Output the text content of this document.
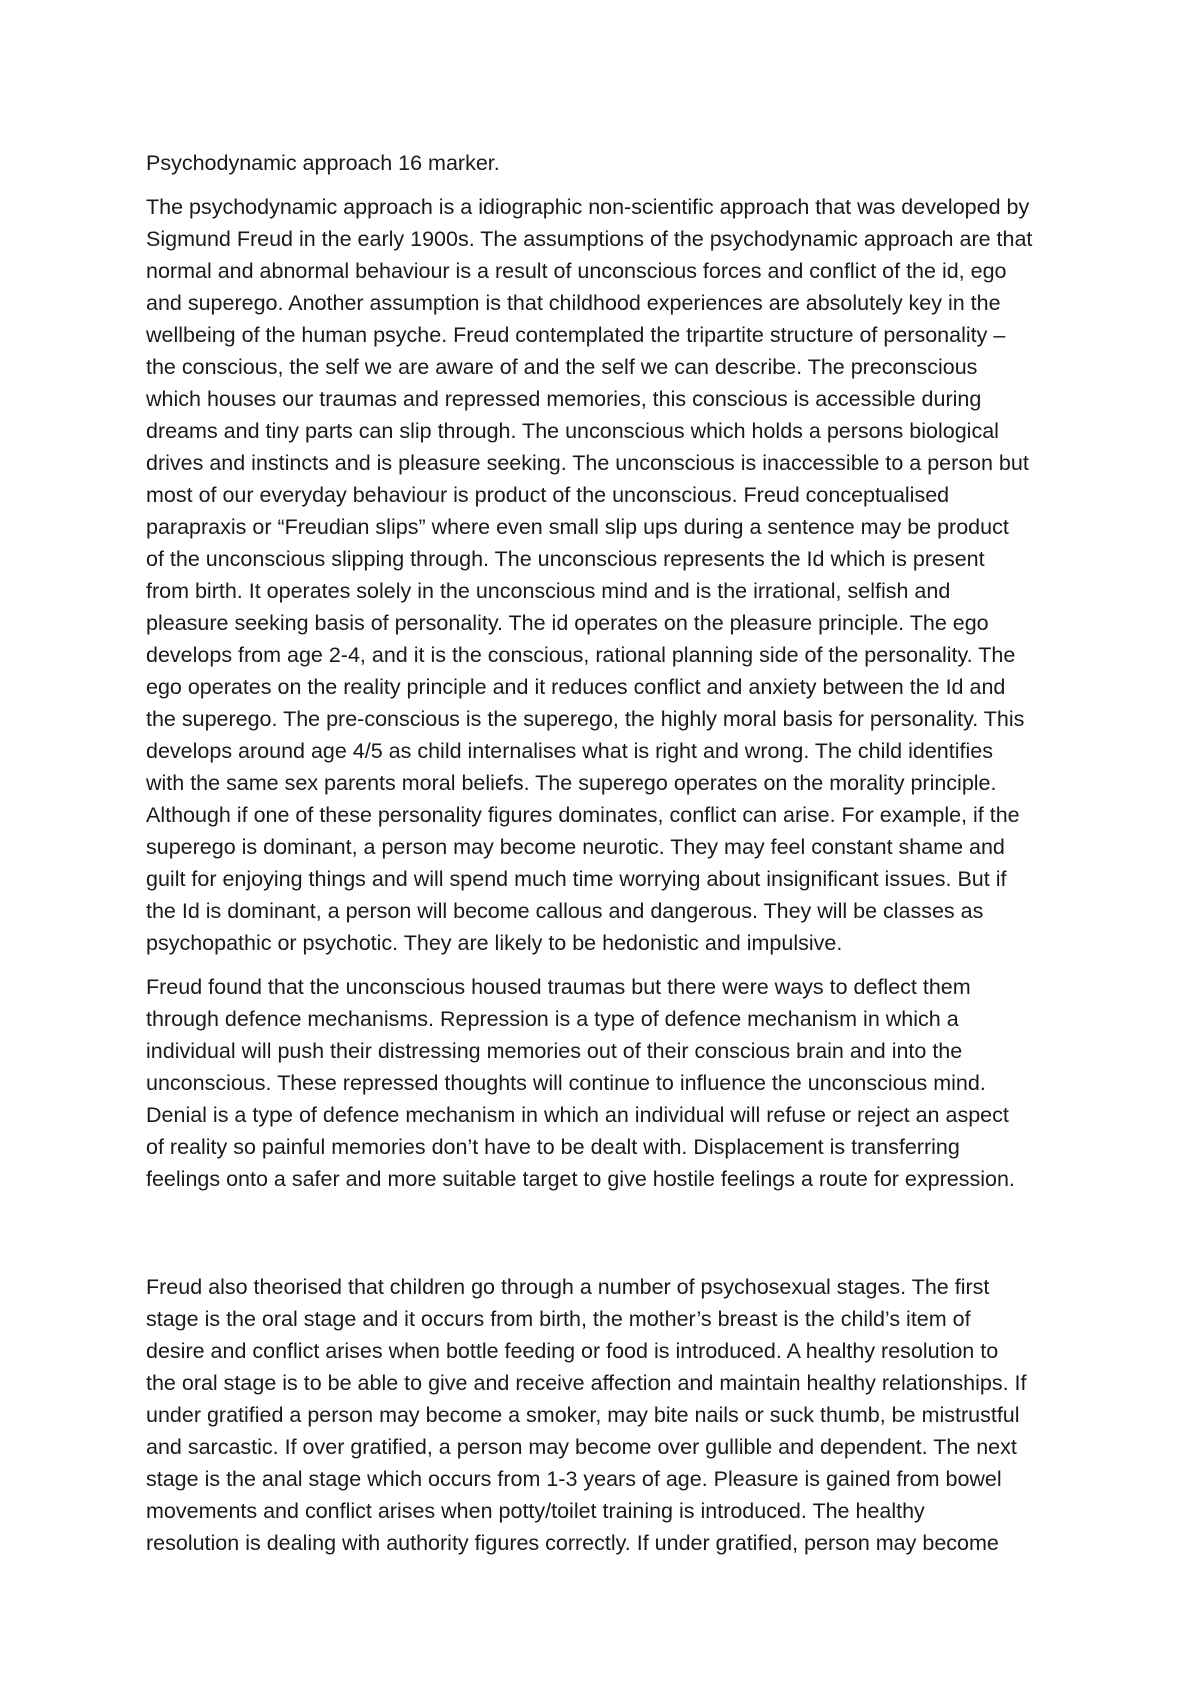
Psychodynamic approach 16 marker.
The psychodynamic approach is a idiographic non-scientific approach that was developed by
Sigmund Freud in the early 1900s. The assumptions of the psychodynamic approach are that
normal and abnormal behaviour is a result of unconscious forces and conflict of the id, ego
and superego. Another assumption is that childhood experiences are absolutely key in the
wellbeing of the human psyche. Freud contemplated the tripartite structure of personality –
the conscious, the self we are aware of and the self we can describe. The preconscious
which houses our traumas and repressed memories, this conscious is accessible during
dreams and tiny parts can slip through. The unconscious which holds a persons biological
drives and instincts and is pleasure seeking. The unconscious is inaccessible to a person but
most of our everyday behaviour is product of the unconscious. Freud conceptualised
parapraxis or “Freudian slips” where even small slip ups during a sentence may be product
of the unconscious slipping through. The unconscious represents the Id which is present
from birth. It operates solely in the unconscious mind and is the irrational, selfish and
pleasure seeking basis of personality. The id operates on the pleasure principle. The ego
develops from age 2-4, and it is the conscious, rational planning side of the personality. The
ego operates on the reality principle and it reduces conflict and anxiety between the Id and
the superego. The pre-conscious is the superego, the highly moral basis for personality. This
develops around age 4/5 as child internalises what is right and wrong. The child identifies
with the same sex parents moral beliefs. The superego operates on the morality principle.
Although if one of these personality figures dominates, conflict can arise. For example, if the
superego is dominant, a person may become neurotic. They may feel constant shame and
guilt for enjoying things and will spend much time worrying about insignificant issues. But if
the Id is dominant, a person will become callous and dangerous. They will be classes as
psychopathic or psychotic. They are likely to be hedonistic and impulsive.
Freud found that the unconscious housed traumas but there were ways to deflect them
through defence mechanisms. Repression is a type of defence mechanism in which a
individual will push their distressing memories out of their conscious brain and into the
unconscious. These repressed thoughts will continue to influence the unconscious mind.
Denial is a type of defence mechanism in which an individual will refuse or reject an aspect
of reality so painful memories don’t have to be dealt with. Displacement is transferring
feelings onto a safer and more suitable target to give hostile feelings a route for expression.
Freud also theorised that children go through a number of psychosexual stages. The first
stage is the oral stage and it occurs from birth, the mother’s breast is the child’s item of
desire and conflict arises when bottle feeding or food is introduced. A healthy resolution to
the oral stage is to be able to give and receive affection and maintain healthy relationships. If
under gratified a person may become a smoker, may bite nails or suck thumb, be mistrustful
and sarcastic. If over gratified, a person may become over gullible and dependent. The next
stage is the anal stage which occurs from 1-3 years of age. Pleasure is gained from bowel
movements and conflict arises when potty/toilet training is introduced. The healthy
resolution is dealing with authority figures correctly. If under gratified, person may become
